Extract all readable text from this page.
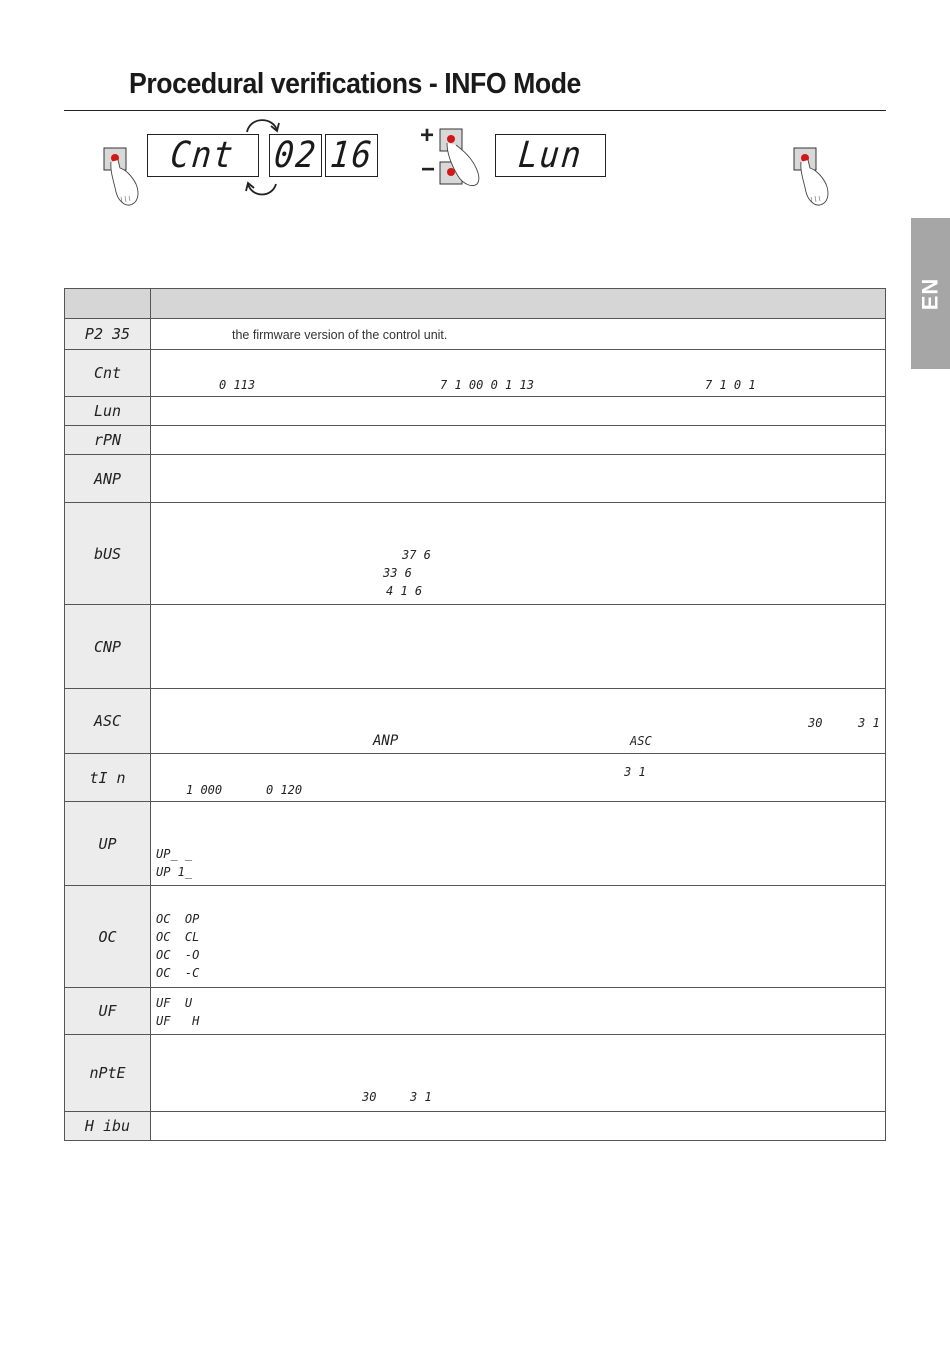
Procedural verifications - INFO Mode
+
−
Cnt 02 16	Lun
EN

P2 35	the firmware version of the control unit.

Cnt	0 113 7 1 00 0 1 13 7 1 0 1

Lun	
rPN	
ANP	
bUS	37 6
33 6
4 1 6

CNP	
ASC	30 3 1
ANP ASC

tI n	3 1
1 000 0 120

UP	UP_ _
UP 1_

OC	OC  OP
OC  CL
OC  -O
OC  -C

UF	UF  U
UF   H

nPtE	30 3 1

H ibu	
